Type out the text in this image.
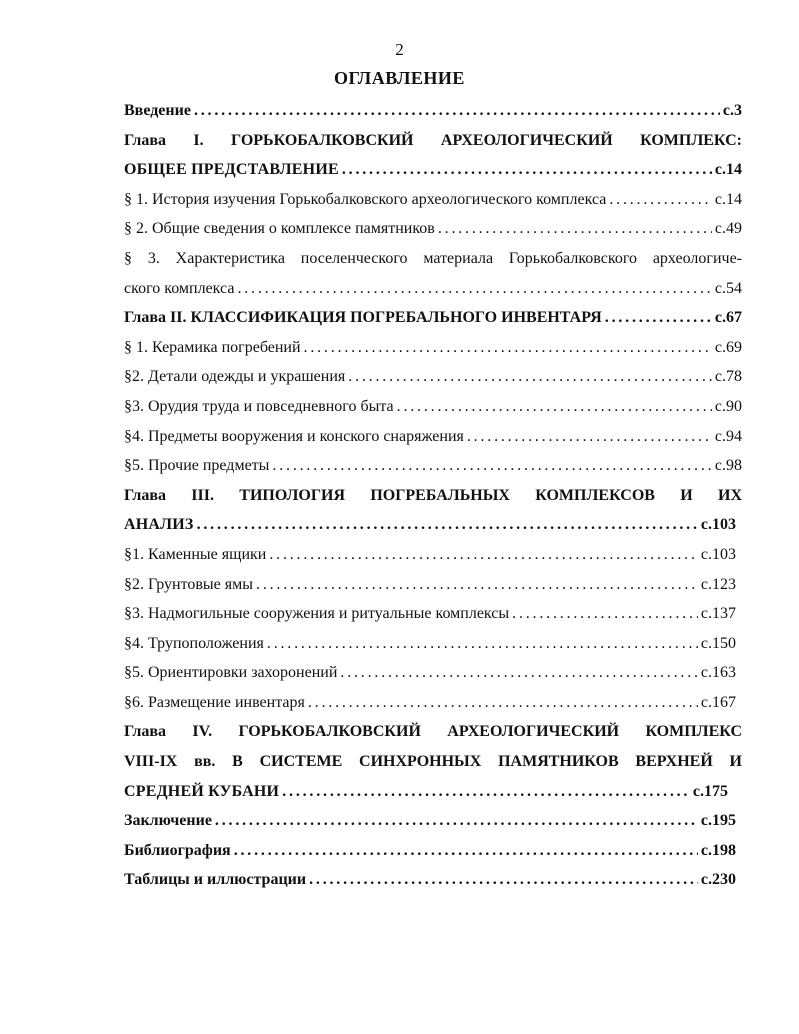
2
ОГЛАВЛЕНИЕ
Введение . . .	с.3
Глава I. ГОРЬКОБАЛКОВСКИЙ АРХЕОЛОГИЧЕСКИЙ КОМПЛЕКС:
ОБЩЕЕ ПРЕДСТАВЛЕНИЕ . . .	с.14
§ 1. История изучения Горькобалковского археологического комплекса . . .	с.14
§ 2. Общие сведения о комплексе памятников . . .	с.49
§ 3. Характеристика поселенческого материала Горькобалковского археологиче-
ского комплекса . . .	с.54
Глава II. КЛАССИФИКАЦИЯ ПОГРЕБАЛЬНОГО ИНВЕНТАРЯ . . .	с.67
§ 1. Керамика погребений . . .	с.69
§2. Детали одежды и украшения . . .	с.78
§3. Орудия труда и повседневного быта . . .	с.90
§4. Предметы вооружения и конского снаряжения . . .	с.94
§5. Прочие предметы . . .	с.98
Глава III. ТИПОЛОГИЯ ПОГРЕБАЛЬНЫХ КОМПЛЕКСОВ И ИХ
АНАЛИЗ . . .	с.103
§1. Каменные ящики . . .	с.103
§2. Грунтовые ямы . . .	с.123
§3. Надмогильные сооружения и ритуальные комплексы . . .	с.137
§4. Трупоположения . . .	с.150
§5. Ориентировки захоронений . . .	с.163
§6. Размещение инвентаря . . .	с.167
Глава IV. ГОРЬКОБАЛКОВСКИЙ АРХЕОЛОГИЧЕСКИЙ КОМПЛЕКС
VIII-IX вв. В СИСТЕМЕ СИНХРОННЫХ ПАМЯТНИКОВ ВЕРХНЕЙ И
СРЕДНЕЙ КУБАНИ . . .	с.175
Заключение . . .	с.195
Библиография . . .	с.198
Таблицы и иллюстрации . . .	с.230
